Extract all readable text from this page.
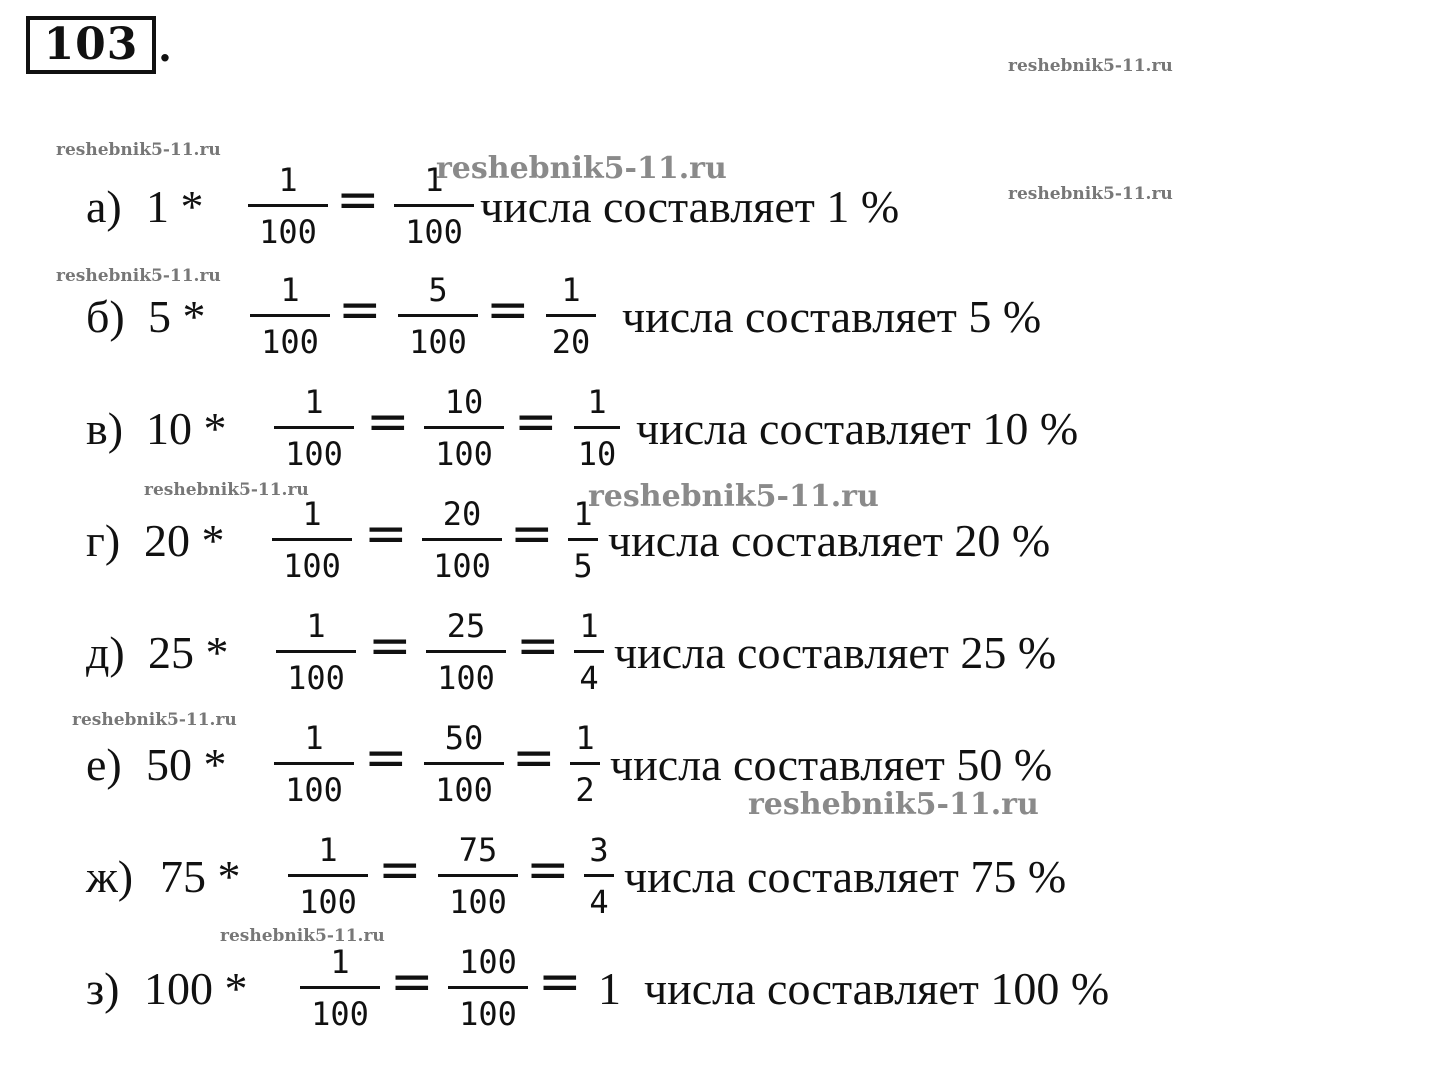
103 .
а) 1 *
1
100
=	1
100 числа составляет 1 %
б) 5 *
1
100
=	5
100
= 1
20 числа составляет 5 %
в) 10 *
1
100
=	10
100
= 1
10 числа составляет 10 %
г) 20 *
1
100
=	20
100
= 1
5 числа составляет 20 %
д) 25 *
1
100
=	25
100
= 1
4 числа составляет 25 %
е) 50 *
1
100
=	50
100
= 1
2 числа составляет 50 %
ж) 75 *
1
100
=	75
100
= 3
4 числа составляет 75 %
з) 100 *
1
100
= 100
100
= 1 числа составляет 100 %
reshebnik5-11.ru
reshebnik5-11.ru
reshebnik5-11.ru
reshebnik5-11.ru
reshebnik5-11.ru
reshebnik5-11.ru	reshebnik5-11.ru
reshebnik5-11.ru
reshebnik5-11.ru
reshebnik5-11.ru
